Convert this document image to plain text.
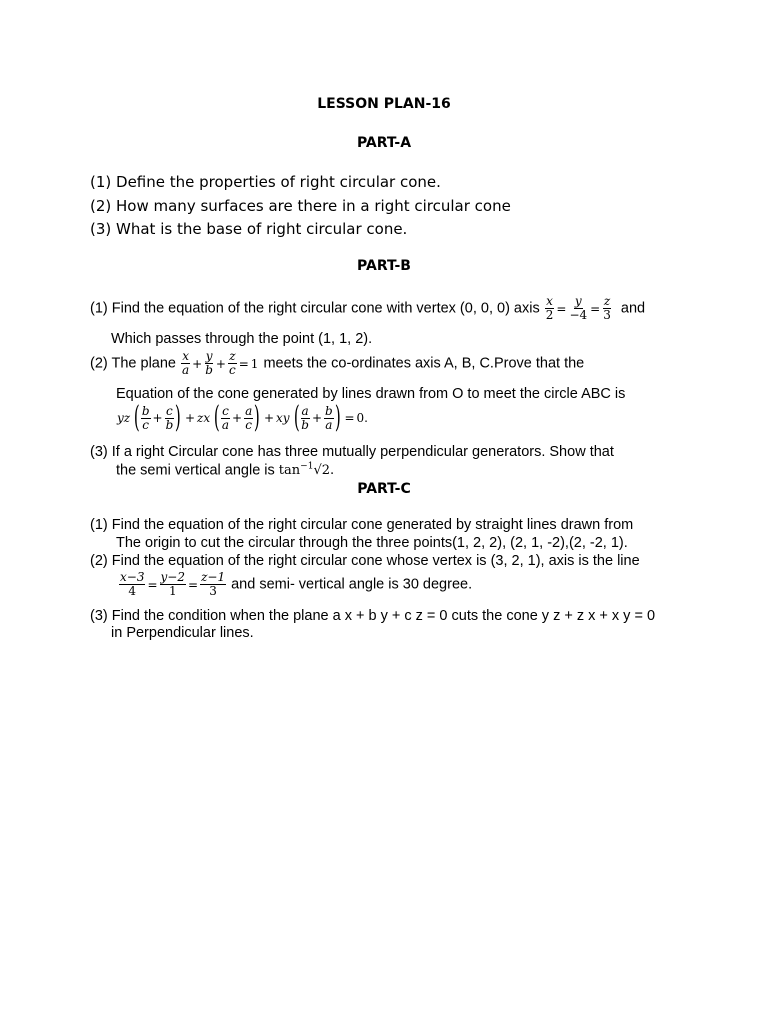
LESSON PLAN-16
PART-A
(1) Define the properties of right circular cone.
(2) How many surfaces are there in a right circular cone
(3) What is the base of right circular cone.
PART-B
(1) Find the equation of the right circular cone with vertex (0, 0, 0) axis $\frac{x}{2} = \frac{y}{-4} = \frac{z}{3}$ and
Which passes through the point (1, 1, 2).
(2) The plane $\frac{x}{a} + \frac{y}{b} + \frac{z}{c} = 1$ meets the co-ordinates axis A, B, C.Prove that the
Equation of the cone generated by lines drawn from O to meet the circle ABC is
yz ( $\frac{b}{c} + \frac{c}{b}$ ) + zx ( $\frac{c}{a} + \frac{a}{c}$ ) + xy ( $\frac{a}{b} + \frac{b}{a}$ ) = 0.
(3) If a right Circular cone has three mutually perpendicular generators. Show that
the semi vertical angle is $\tan^{-1}√2$.
PART-C
(1) Find the equation of the right circular cone generated by straight lines drawn from
The origin to cut the circular through the three points(1, 2, 2), (2, 1, -2),(2, -2, 1).
(2) Find the equation of the right circular cone whose vertex is (3, 2, 1), axis is the line
$\frac{x-3}{4} = \frac{y-2}{1} = \frac{z-1}{3}$ and semi- vertical angle is 30 degree.
(3) Find the condition when the plane a x + b y + c z = 0 cuts the cone y z + z x + x y = 0
in Perpendicular lines.
